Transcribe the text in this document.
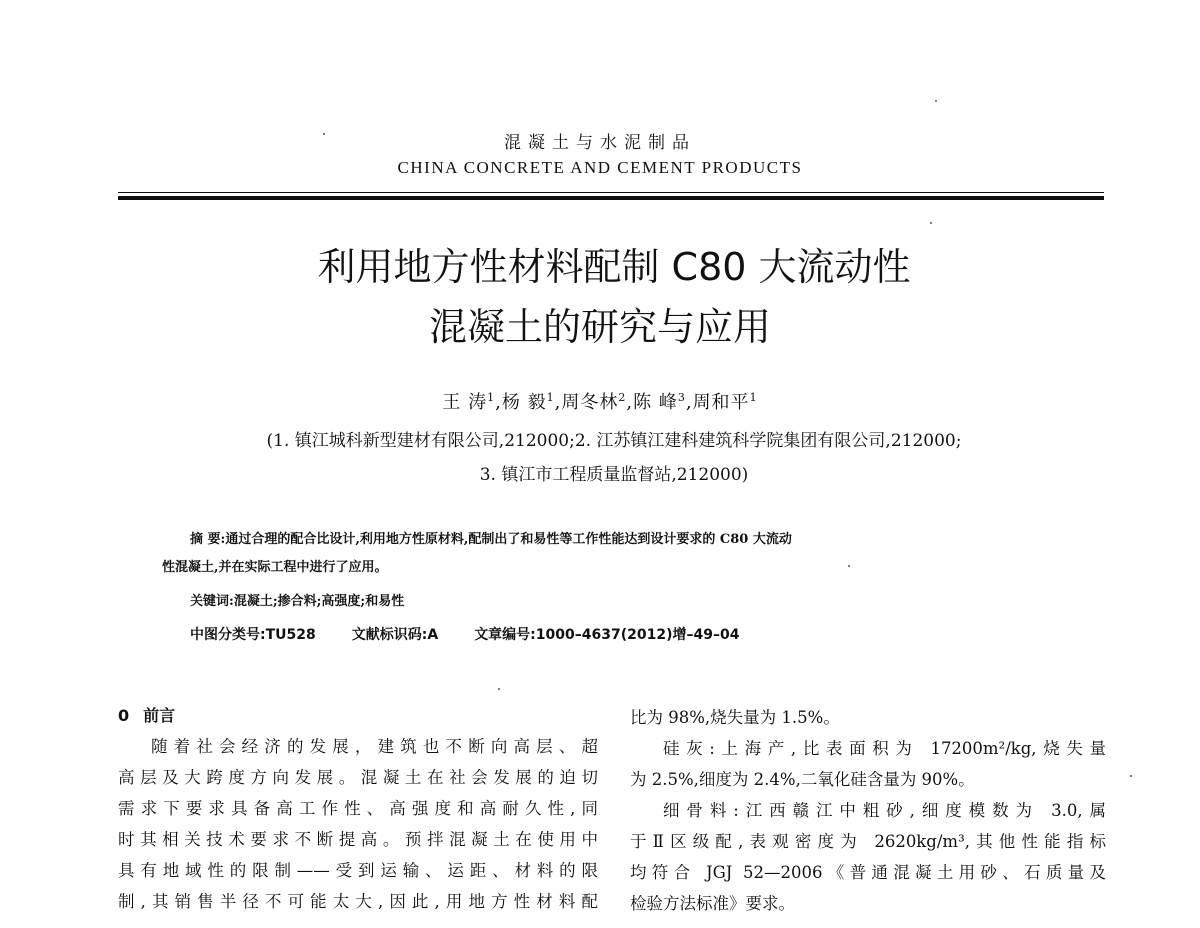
混凝土与水泥制品
CHINA CONCRETE AND CEMENT PRODUCTS
利用地方性材料配制 C80 大流动性
混凝土的研究与应用
王 涛$^1$,杨 毅$^1$,周冬林$^2$,陈 峰$^3$,周和平$^1$
(1. 镇江城科新型建材有限公司,212000;2. 江苏镇江建科建筑科学院集团有限公司,212000;
3. 镇江市工程质量监督站,212000)
摘 要:通过合理的配合比设计,利用地方性原材料,配制出了和易性等工作性能达到设计要求的 C80 大流动
性混凝土,并在实际工程中进行了应用。
关键词:混凝土;掺合料;高强度;和易性
中图分类号:TU528	文献标识码:A	文章编号:1000–4637(2012)增–49–04

0 前言

随着社会经济的发展，建筑也不断向高层、超

高层及大跨度方向发展。混凝土在社会发展的迫切

需求下要求具备高工作性、高强度和高耐久性,同

时其相关技术要求不断提高。预拌混凝土在使用中

具有地域性的限制——受到运输、运距、材料的限

制,其销售半径不可能太大,因此,用地方性材料配

比为 98%,烧失量为 1.5%。

硅灰:上海产,比表面积为 17200m²/kg,烧失量

为 2.5%,细度为 2.4%,二氧化硅含量为 90%。

细骨料:江西赣江中粗砂,细度模数为 3.0,属

于Ⅱ区级配,表观密度为 2620kg/m³,其他性能指标

均符合 JGJ 52—2006《普通混凝土用砂、石质量及

检验方法标准》要求。
